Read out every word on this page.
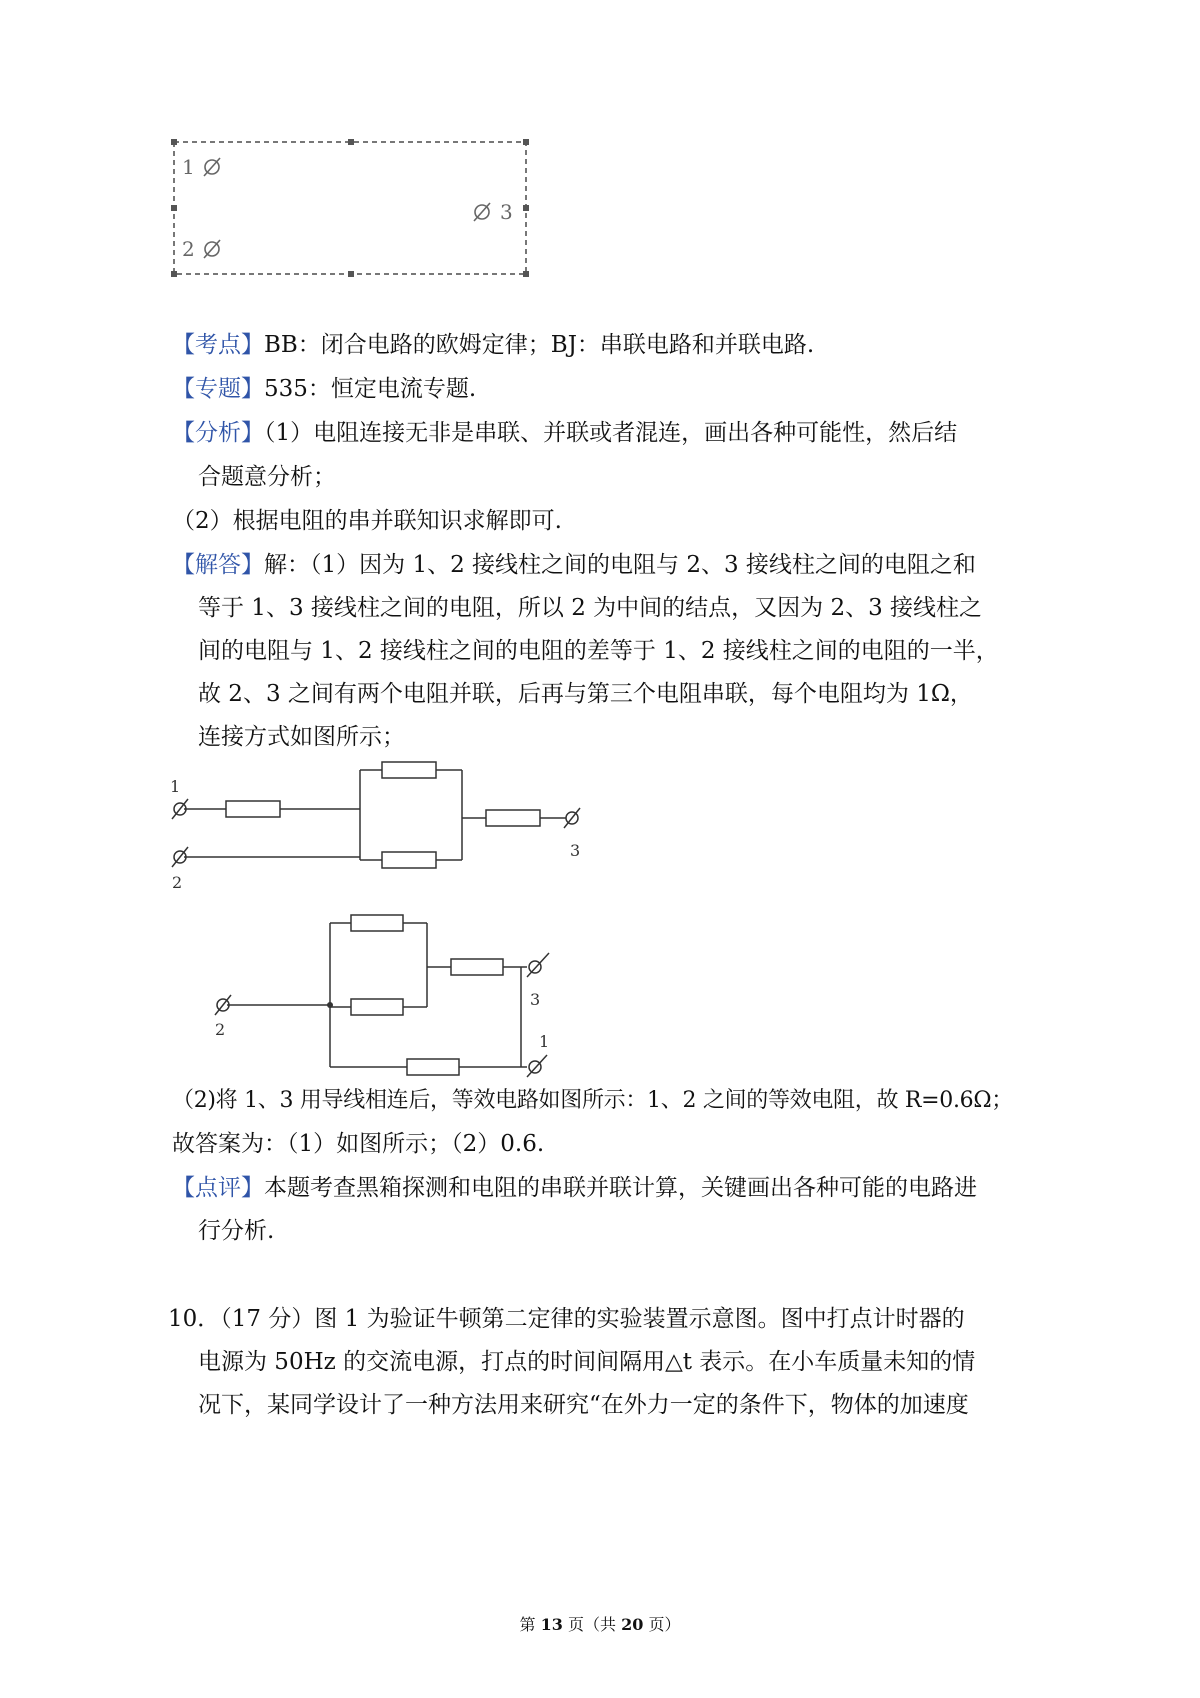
1
2
3
【考点】BB：闭合电路的欧姆定律；BJ：串联电路和并联电路.
【专题】535：恒定电流专题.
【分析】（1）电阻连接无非是串联、并联或者混连，画出各种可能性，然后结
合题意分析；
（2）根据电阻的串并联知识求解即可.
【解答】解：（1）因为 1、2 接线柱之间的电阻与 2、3 接线柱之间的电阻之和
等于 1、3 接线柱之间的电阻，所以 2 为中间的结点，又因为 2、3 接线柱之
间的电阻与 1、2 接线柱之间的电阻的差等于 1、2 接线柱之间的电阻的一半，
故 2、3 之间有两个电阻并联，后再与第三个电阻串联，每个电阻均为 1Ω，
连接方式如图所示；
1
2
3
2
3
1
（2)将 1、3 用导线相连后，等效电路如图所示：1、2 之间的等效电阻，故 R=0.6Ω；
故答案为：（1）如图所示；（2）0.6.
【点评】本题考查黑箱探测和电阻的串联并联计算，关键画出各种可能的电路进
行分析.
10．（17 分）图 1 为验证牛顿第二定律的实验装置示意图。图中打点计时器的
电源为 50Hz 的交流电源，打点的时间间隔用△t 表示。在小车质量未知的情
况下，某同学设计了一种方法用来研究“在外力一定的条件下，物体的加速度
第 13 页（共 20 页）
